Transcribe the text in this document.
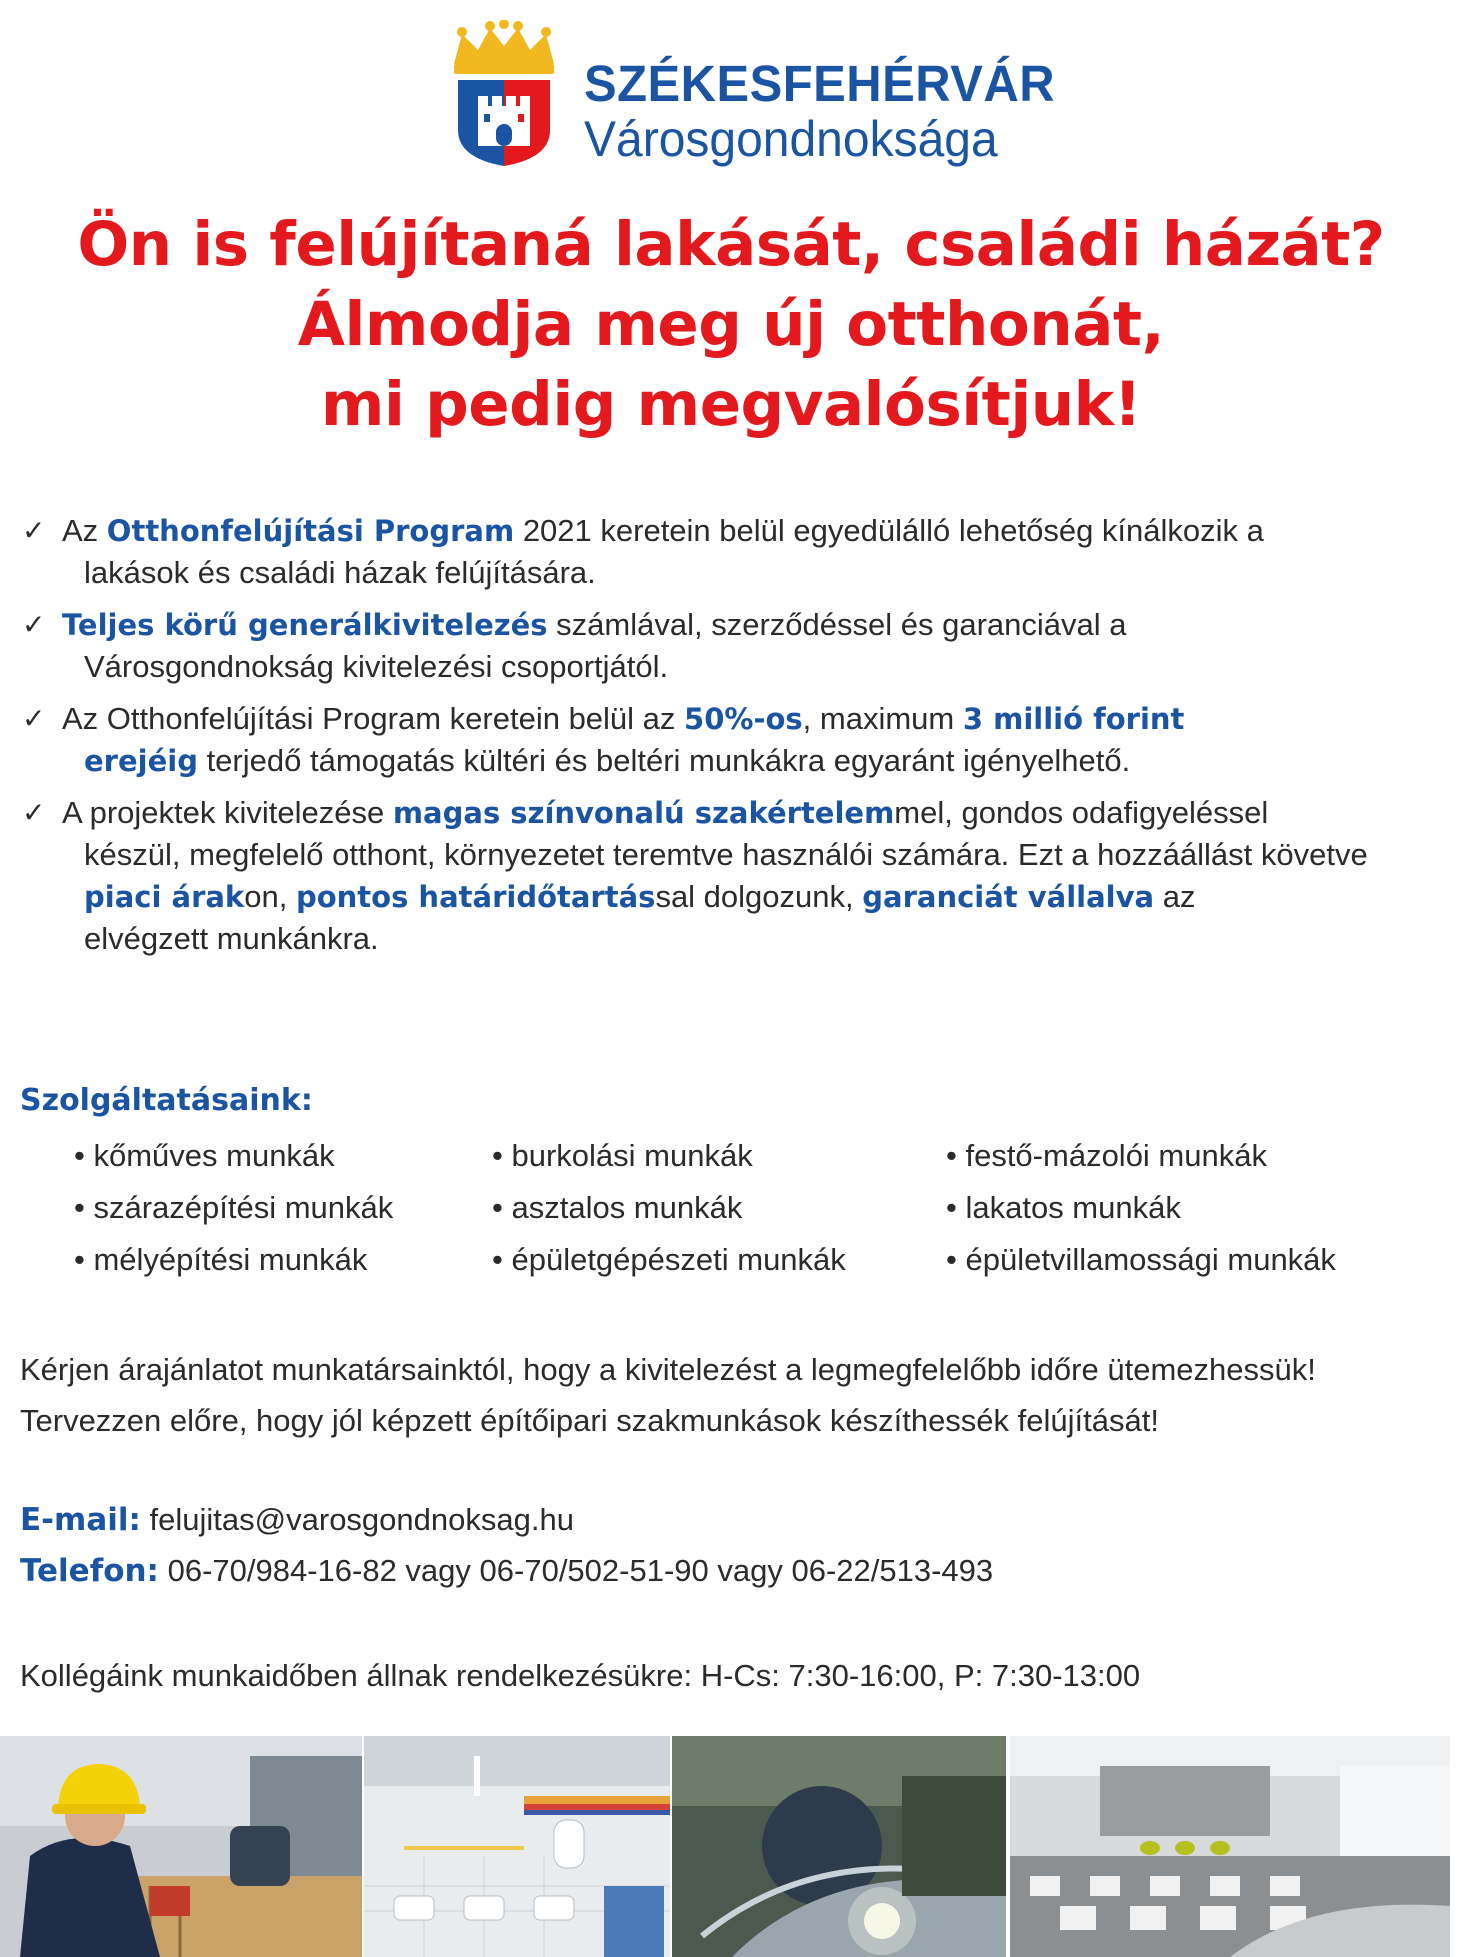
SZÉKESFEHÉRVÁR
Városgondnoksága
Ön is felújítaná lakását, családi házát?
Álmodja meg új otthonát,
mi pedig megvalósítjuk!
✓ Az Otthonfelújítási Program 2021 keretein belül egyedülálló lehetőség kínálkozik a
lakások és családi házak felújítására.
✓ Teljes körű generálkivitelezés számlával, szerződéssel és garanciával a
Városgondnokság kivitelezési csoportjától.
✓ Az Otthonfelújítási Program keretein belül az 50%-os, maximum 3 millió forint
erejéig terjedő támogatás kültéri és beltéri munkákra egyaránt igényelhető.
✓ A projektek kivitelezése magas színvonalú szakértelemmel, gondos odafigyeléssel
készül, megfelelő otthont, környezetet teremtve használói számára. Ezt a hozzáállást követve
piaci árakon, pontos határidőtartással dolgozunk, garanciát vállalva az
elvégzett munkánkra.
Szolgáltatásaink:
• kőműves munkák	• burkolási munkák	• festő-mázolói munkák
• szárazépítési munkák	• asztalos munkák	• lakatos munkák
• mélyépítési munkák	• épületgépészeti munkák	• épületvillamossági munkák
Kérjen árajánlatot munkatársainktól, hogy a kivitelezést a legmegfelelőbb időre ütemezhessük!
Tervezzen előre, hogy jól képzett építőipari szakmunkások készíthessék felújítását!
E-mail: felujitas@varosgondnoksag.hu
Telefon: 06-70/984-16-82 vagy 06-70/502-51-90 vagy 06-22/513-493
Kollégáink munkaidőben állnak rendelkezésükre: H-Cs: 7:30-16:00, P: 7:30-13:00
